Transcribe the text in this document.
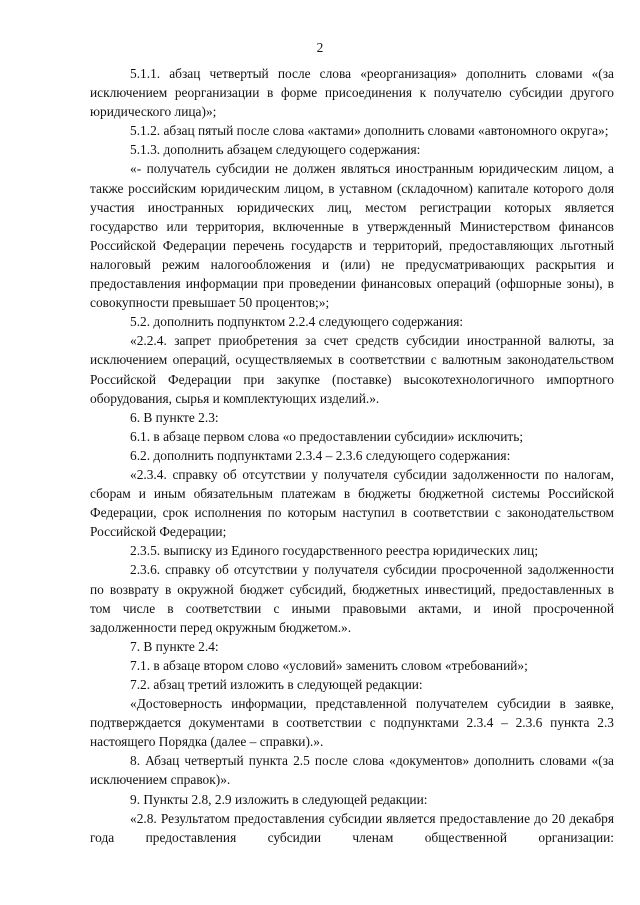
2

5.1.1. абзац четвертый после слова «реорганизация» дополнить словами «(за исключением реорганизации в форме присоединения к получателю субсидии другого юридического лица)»;

5.1.2. абзац пятый после слова «актами» дополнить словами «автономного округа»;

5.1.3. дополнить абзацем следующего содержания:

«- получатель субсидии не должен являться иностранным юридическим лицом, а также российским юридическим лицом, в уставном (складочном) капитале которого доля участия иностранных юридических лиц, местом регистрации которых является государство или территория, включенные в утвержденный Министерством финансов Российской Федерации перечень государств и территорий, предоставляющих льготный налоговый режим налогообложения и (или) не предусматривающих раскрытия и предоставления информации при проведении финансовых операций (офшорные зоны), в совокупности превышает 50 процентов;»;

5.2. дополнить подпунктом 2.2.4 следующего содержания:

«2.2.4. запрет приобретения за счет средств субсидии иностранной валюты, за исключением операций, осуществляемых в соответствии с валютным законодательством Российской Федерации при закупке (поставке) высокотехнологичного импортного оборудования, сырья и комплектующих изделий.».

6. В пункте 2.3:

6.1. в абзаце первом слова «о предоставлении субсидии» исключить;

6.2. дополнить подпунктами 2.3.4 – 2.3.6 следующего содержания:

«2.3.4. справку об отсутствии у получателя субсидии задолженности по налогам, сборам и иным обязательным платежам в бюджеты бюджетной системы Российской Федерации, срок исполнения по которым наступил в соответствии с законодательством Российской Федерации;

2.3.5. выписку из Единого государственного реестра юридических лиц;

2.3.6. справку об отсутствии у получателя субсидии просроченной задолженности по возврату в окружной бюджет субсидий, бюджетных инвестиций, предоставленных в том числе в соответствии с иными правовыми актами, и иной просроченной задолженности перед окружным бюджетом.».

7. В пункте 2.4:

7.1. в абзаце втором слово «условий» заменить словом «требований»;

7.2. абзац третий изложить в следующей редакции:

«Достоверность информации, представленной получателем субсидии в заявке, подтверждается документами в соответствии с подпунктами 2.3.4 – 2.3.6 пункта 2.3 настоящего Порядка (далее – справки).».

8. Абзац четвертый пункта 2.5 после слова «документов» дополнить словами «(за исключением справок)».

9. Пункты 2.8, 2.9 изложить в следующей редакции:

«2.8. Результатом предоставления субсидии является предоставление до 20 декабря года предоставления субсидии членам общественной организации:
